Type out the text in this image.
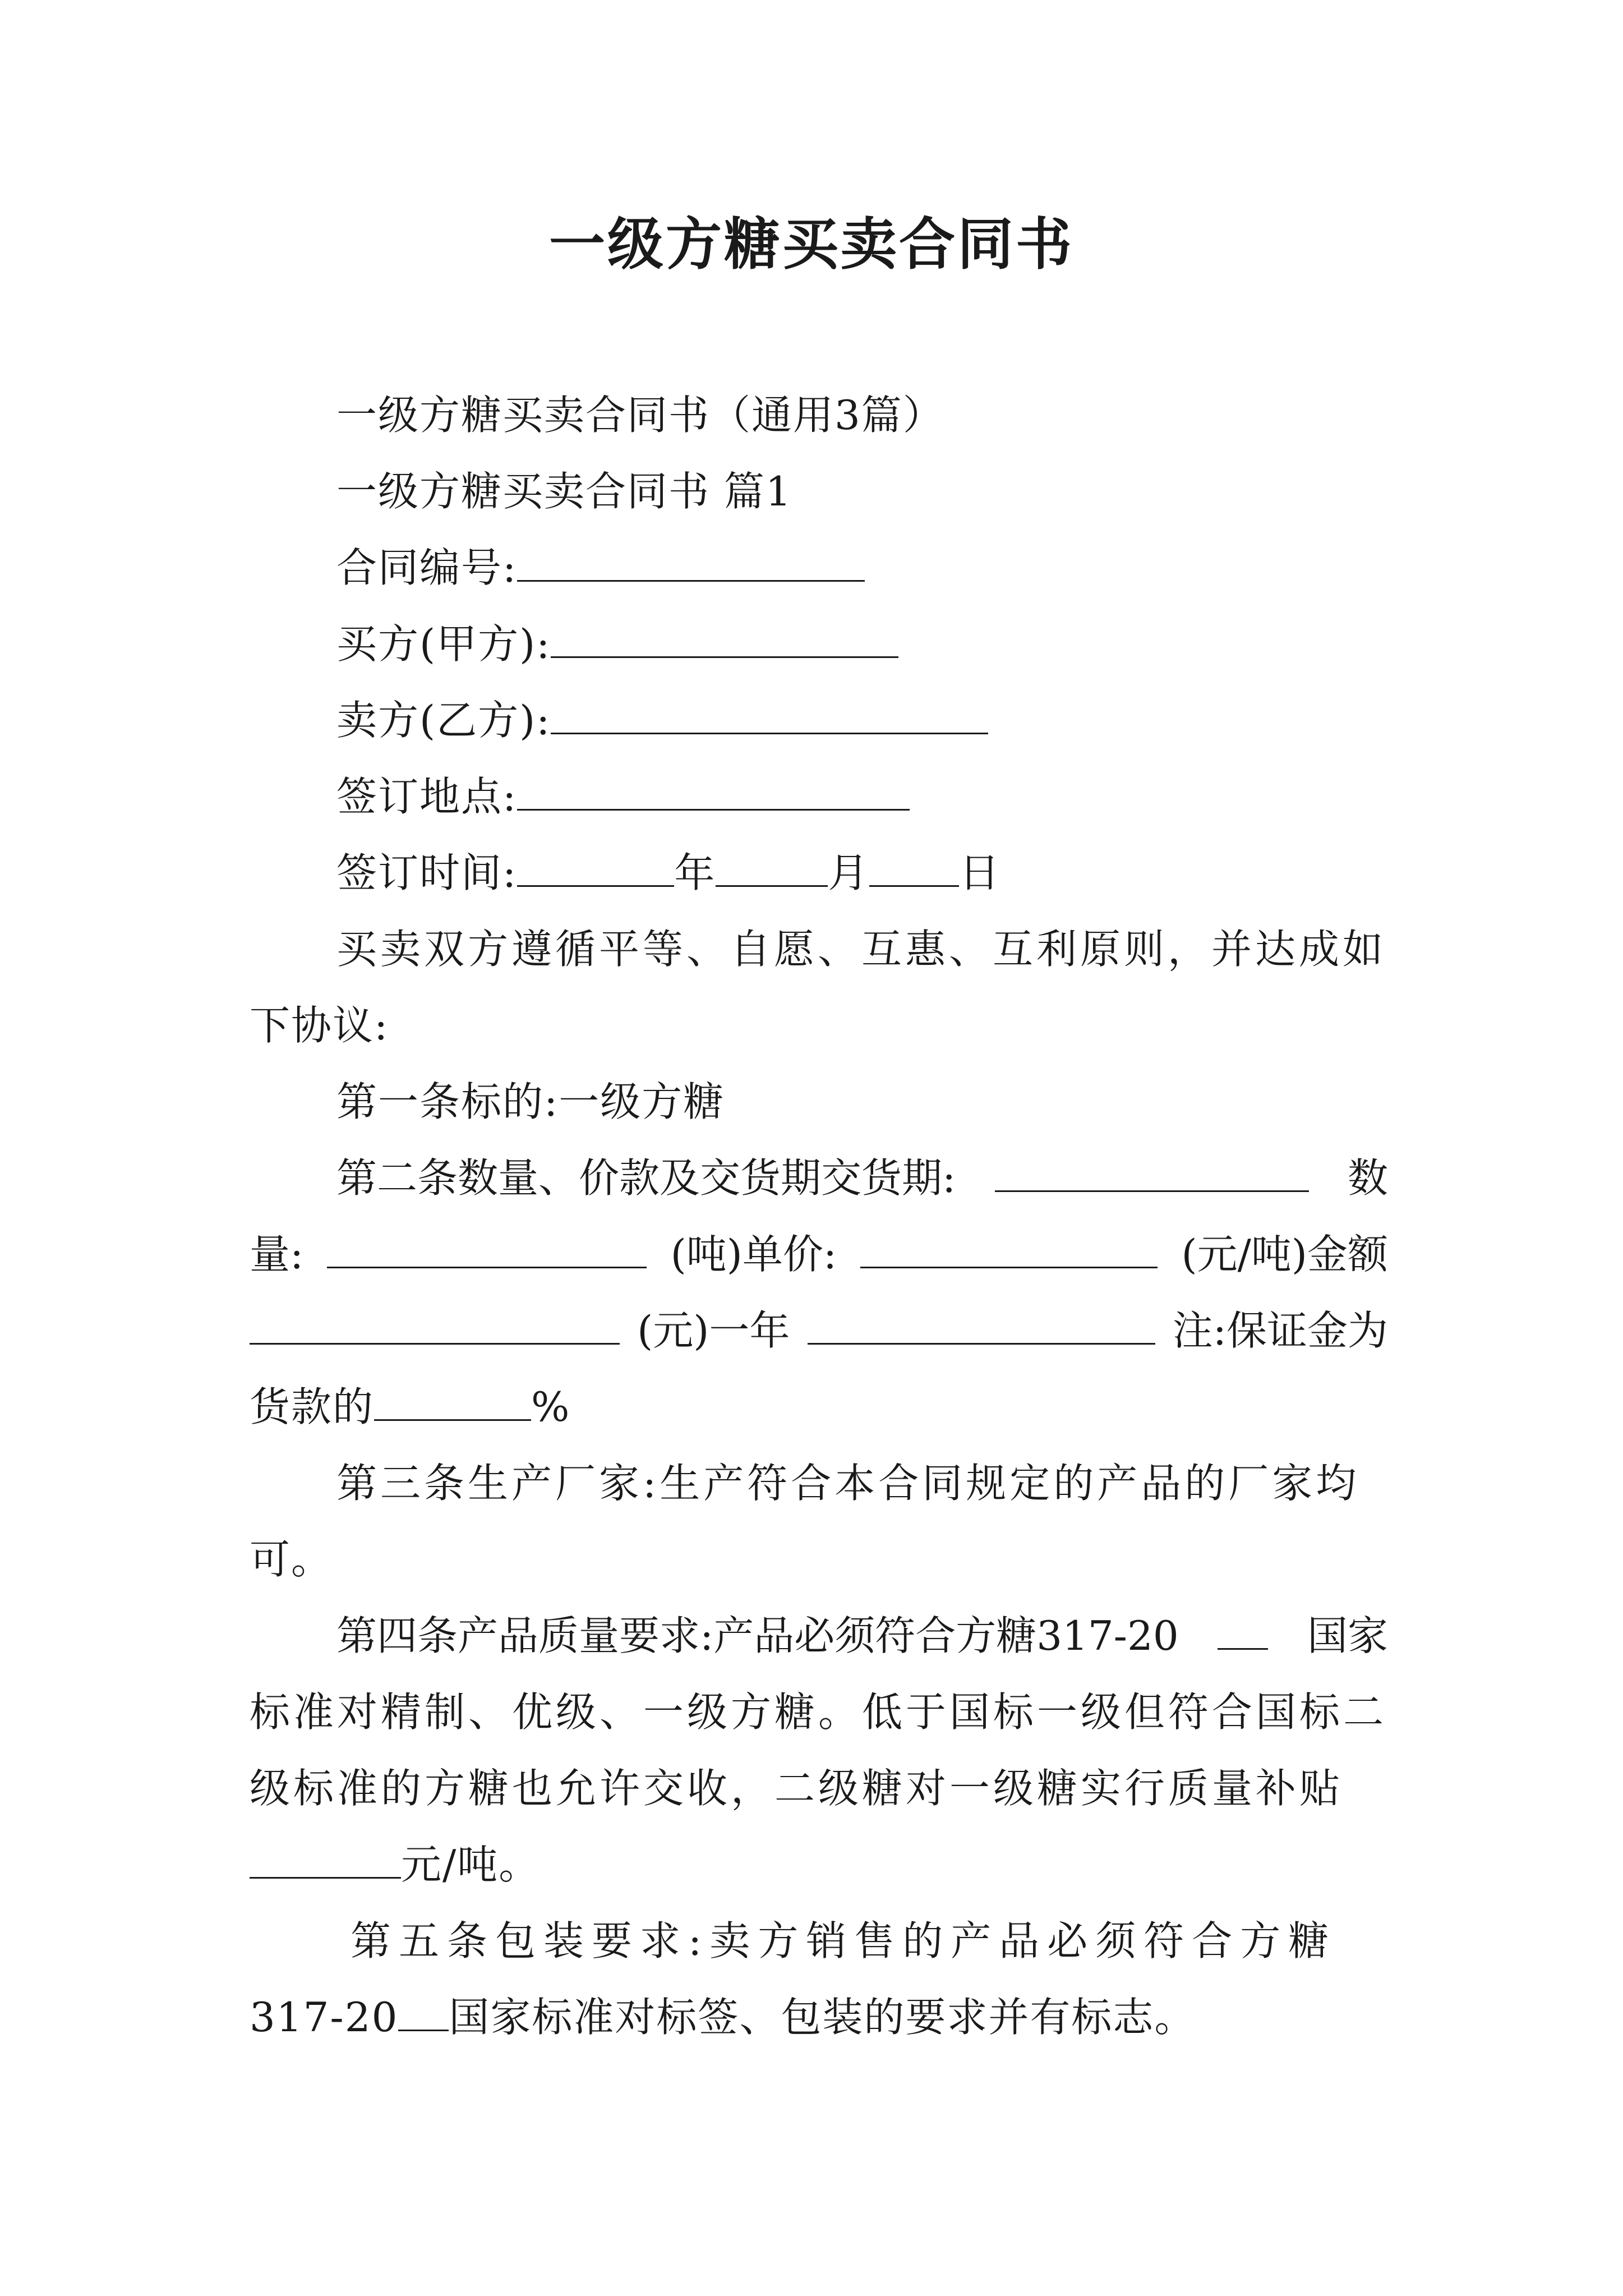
一级方糖买卖合同书
一级方糖买卖合同书（通用3篇）
一级方糖买卖合同书 篇1
合同编号:
买方(甲方):
卖方(乙方):
签订地点:
签订时间:	年	月 日
买卖双方遵循平等、自愿、互惠、互利原则，并达成如
下协议:
第一条标的:一级方糖
第二条数量、价款及交货期交货期:	数
量:	(吨)单价:	(元/吨)金额
(元)一年	注:保证金为
货款的	%
第三条生产厂家:生产符合本合同规定的产品的厂家均
可。
第四条产品质量要求:产品必须符合方糖317-20	国家
标准对精制、优级、一级方糖。低于国标一级但符合国标二
级标准的方糖也允许交收，二级糖对一级糖实行质量补贴
元/吨。
第五条包装要求:卖方销售的产品必须符合方糖
317-20 国家标准对标签、包装的要求并有标志。
